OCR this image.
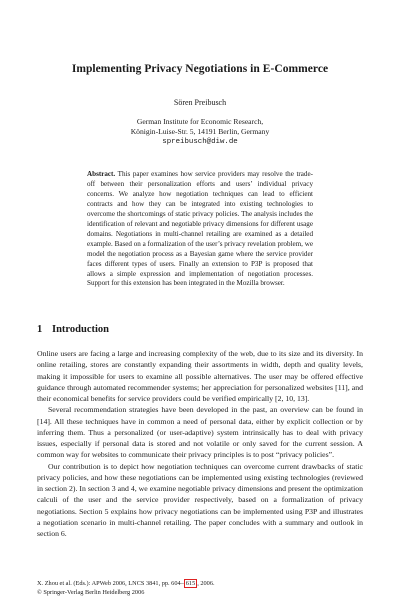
Implementing Privacy Negotiations in E-Commerce
Sören Preibusch
German Institute for Economic Research,
Königin-Luise-Str. 5, 14191 Berlin, Germany
spreibusch@diw.de
Abstract. This paper examines how service providers may resolve the trade-off between their personalization efforts and users’ individual privacy concerns. We analyze how negotiation techniques can lead to efficient contracts and how they can be integrated into existing technologies to overcome the shortcomings of static privacy policies. The analysis includes the identification of relevant and negotiable privacy dimensions for different usage domains. Negotiations in multi-channel retailing are examined as a detailed example. Based on a formalization of the user’s privacy revelation problem, we model the negotiation process as a Bayesian game where the service provider faces different types of users. Finally an extension to P3P is proposed that allows a simple expression and implementation of negotiation processes. Support for this extension has been integrated in the Mozilla browser.
1 Introduction

Online users are facing a large and increasing complexity of the web, due to its size and its diversity. In online retailing, stores are constantly expanding their assortments in width, depth and quality levels, making it impossible for users to examine all possible alternatives. The user may be offered effective guidance through automated recommender systems; her appreciation for personalized websites [11], and their economical benefits for service providers could be verified empirically [2, 10, 13].

Several recommendation strategies have been developed in the past, an overview can be found in [14]. All these techniques have in common a need of personal data, either by explicit collection or by inferring them. Thus a personalized (or user-adaptive) system intrinsically has to deal with privacy issues, especially if personal data is stored and not volatile or only saved for the current session. A common way for websites to communicate their privacy principles is to post “privacy policies”.

Our contribution is to depict how negotiation techniques can overcome current drawbacks of static privacy policies, and how these negotiations can be implemented using existing technologies (reviewed in section 2). In section 3 and 4, we examine negotiable privacy dimensions and present the optimization calculi of the user and the service provider respectively, based on a formalization of privacy negotiations. Section 5 explains how privacy negotiations can be implemented using P3P and illustrates a negotiation scenario in multi-channel retailing. The paper concludes with a summary and outlook in section 6.

X. Zhou et al. (Eds.): APWeb 2006, LNCS 3841, pp. 604– 615 , 2006.
© Springer-Verlag Berlin Heidelberg 2006
